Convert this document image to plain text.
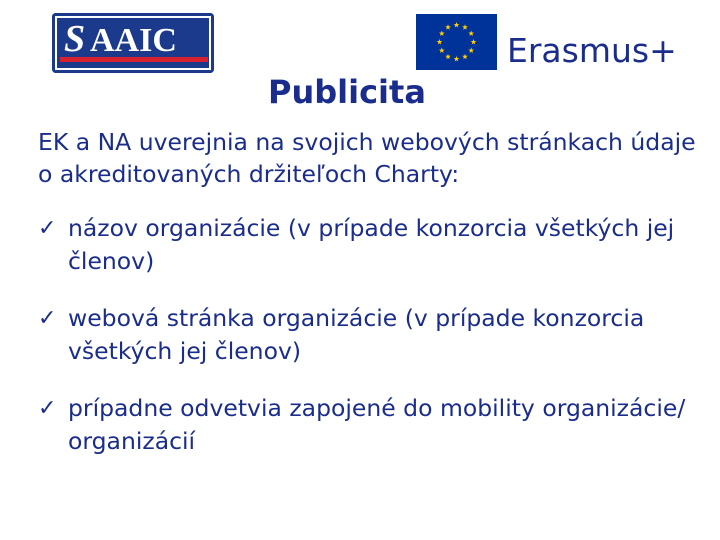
S AAIC	Erasmus+
Publicita
EK a NA uverejnia na svojich webových stránkach údaje o akreditovaných držiteľoch Charty:
✓ názov organizácie (v prípade konzorcia všetkých jej členov)
✓ webová stránka organizácie (v prípade konzorcia všetkých jej členov)
✓ prípadne odvetvia zapojené do mobility organizácie/ organizácií
